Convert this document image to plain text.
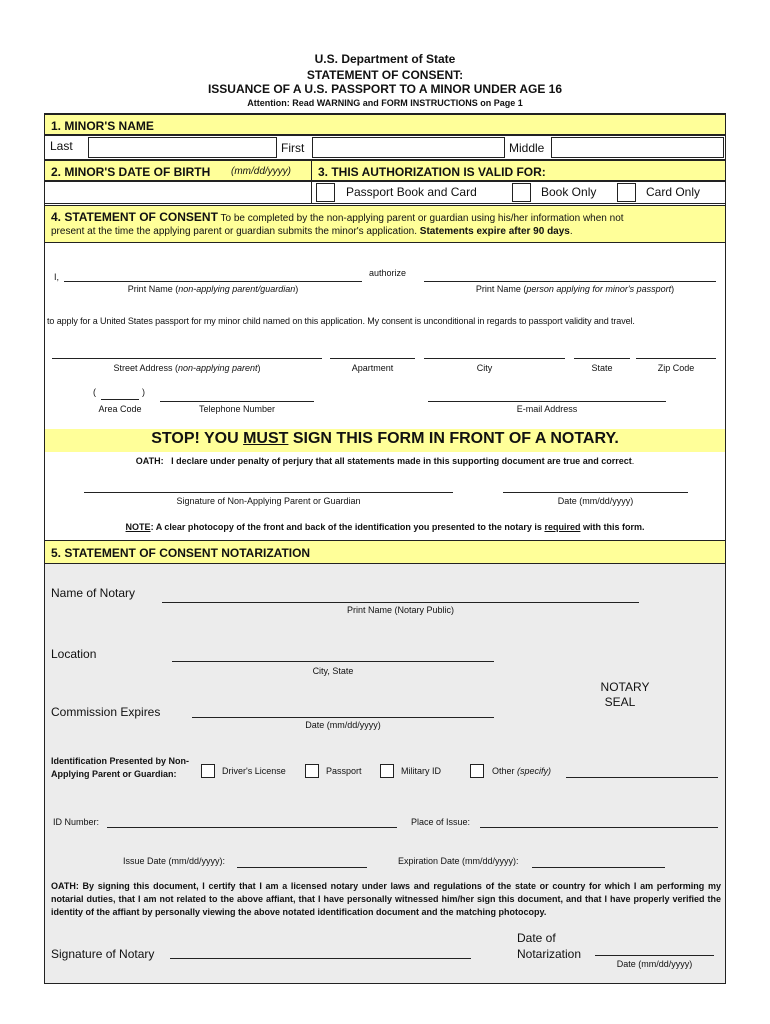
U.S. Department of State
STATEMENT OF CONSENT:
ISSUANCE OF A U.S. PASSPORT TO A MINOR UNDER AGE 16
Attention: Read WARNING and FORM INSTRUCTIONS on Page 1
1. MINOR'S NAME
Last	First	Middle
2. MINOR'S DATE OF BIRTH (mm/dd/yyyy) 3. THIS AUTHORIZATION IS VALID FOR:
Passport Book and Card	Book Only	Card Only
4. STATEMENT OF CONSENT To be completed by the non-applying parent or guardian using his/her information when not
present at the time the applying parent or guardian submits the minor's application. Statements expire after 90 days.
I,	authorize
Print Name (non-applying parent/guardian)	Print Name (person applying for minor's passport)
to apply for a United States passport for my minor child named on this application. My consent is unconditional in regards to passport validity and travel.
Street Address (non-applying parent)	Apartment	City	State	Zip Code
(	)
Area Code	Telephone Number	E-mail Address
STOP! YOU MUST SIGN THIS FORM IN FRONT OF A NOTARY.
OATH: I declare under penalty of perjury that all statements made in this supporting document are true and correct.
Signature of Non-Applying Parent or Guardian	Date (mm/dd/yyyy)
NOTE: A clear photocopy of the front and back of the identification you presented to the notary is required with this form.
5. STATEMENT OF CONSENT NOTARIZATION
Name of Notary
Print Name (Notary Public)
Location
City, State
NOTARY
SEAL
Commission Expires
Date (mm/dd/yyyy)
Identification Presented by Non-Applying Parent or Guardian:	Driver's License	Passport	Military ID	Other (specify)
ID Number:	Place of Issue:
Issue Date (mm/dd/yyyy):	Expiration Date (mm/dd/yyyy):
OATH: By signing this document, I certify that I am a licensed notary under laws and regulations of the state or country for which I am performing my notarial duties, that I am not related to the above affiant, that I have personally witnessed him/her sign this document, and that I have properly verified the identity of the affiant by personally viewing the above notated identification document and the matching photocopy.
Signature of Notary
Date of
Notarization
Date (mm/dd/yyyy)
